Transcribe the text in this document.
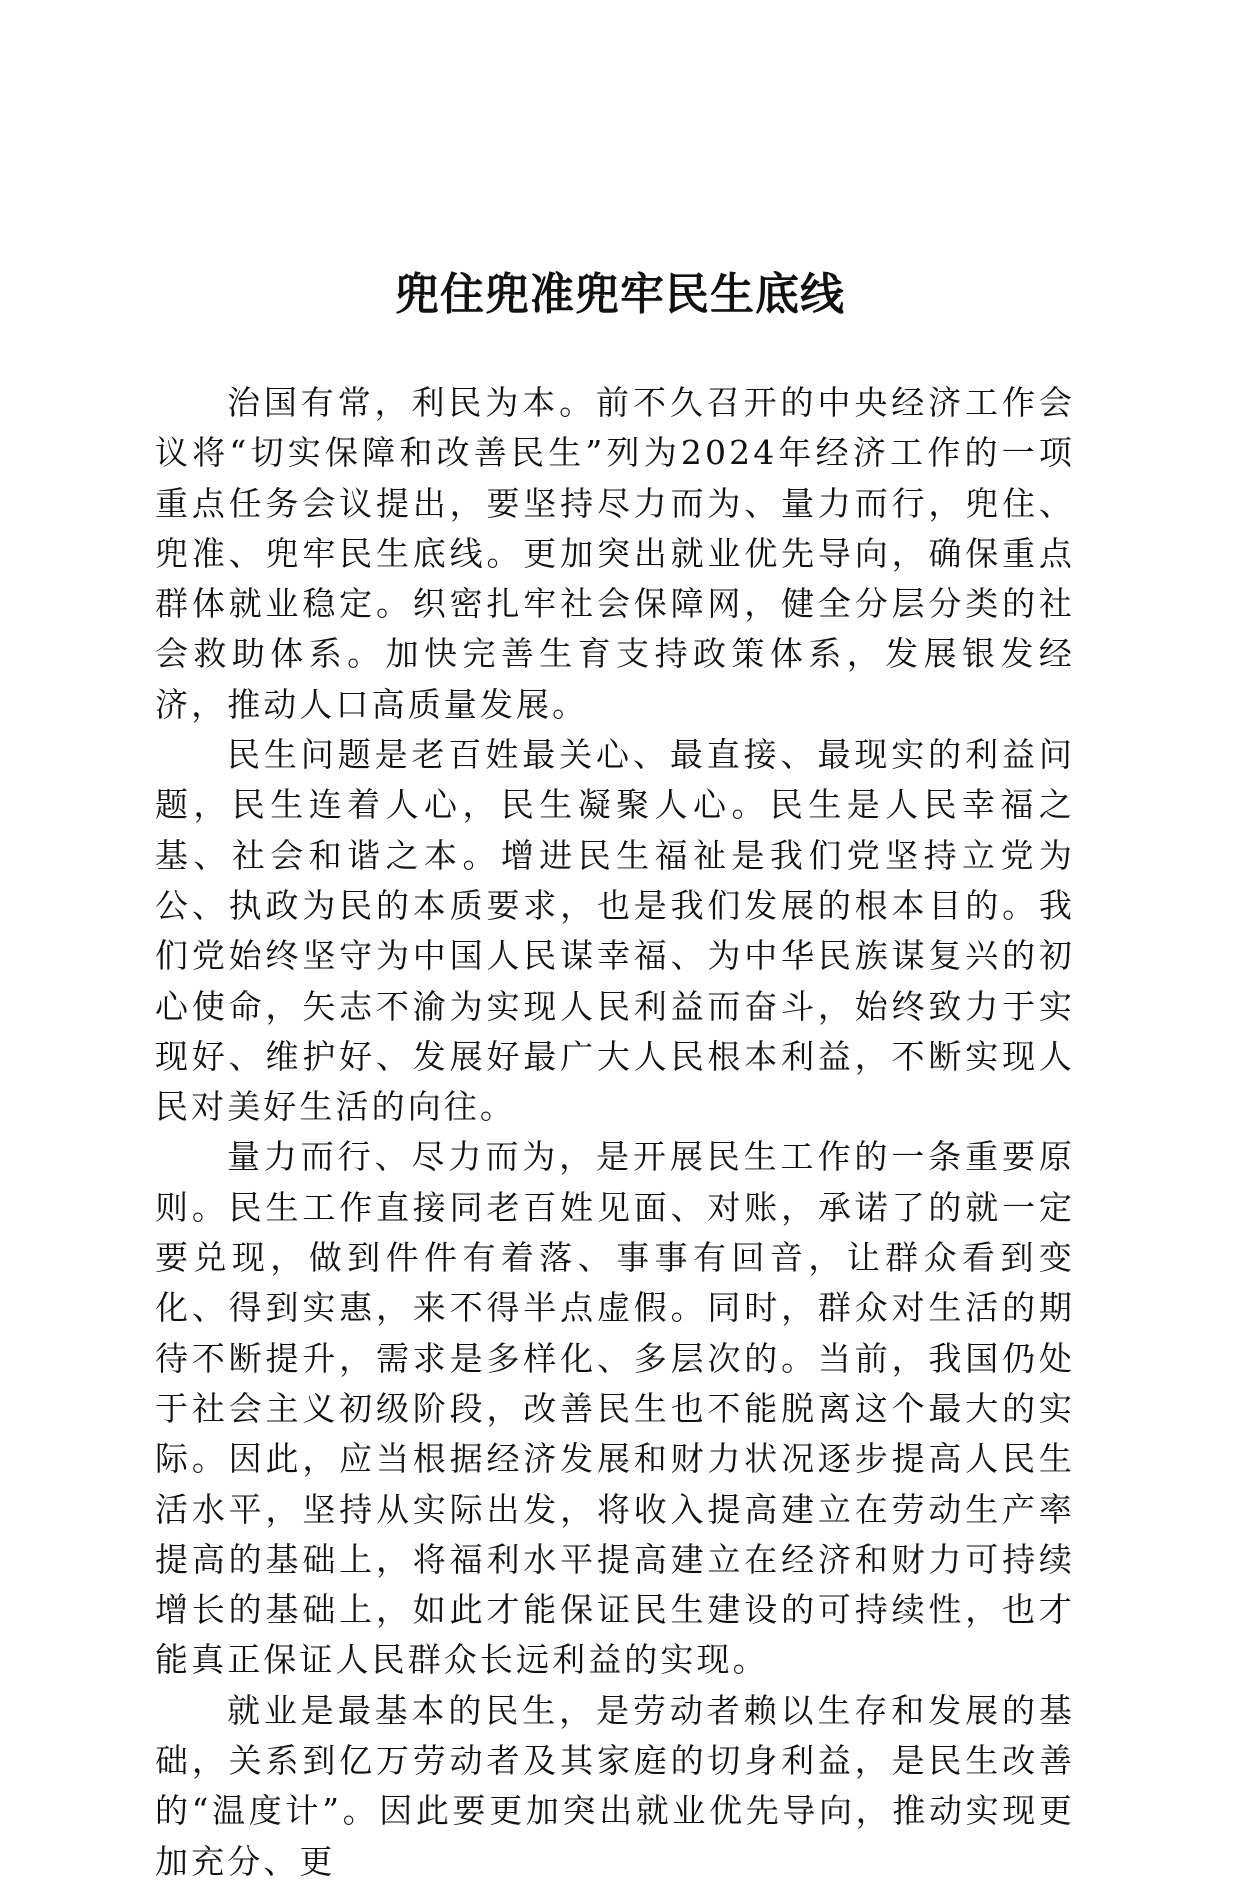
兜住兜准兜牢民生底线

治国有常，利民为本。前不久召开的中央经济工作会议将“切实保障和改善民生”列为2024年经济工作的一项重点任务会议提出，要坚持尽力而为、量力而行，兜住、兜准、兜牢民生底线。更加突出就业优先导向，确保重点群体就业稳定。织密扎牢社会保障网，健全分层分类的社会救助体系。加快完善生育支持政策体系，发展银发经济，推动人口高质量发展。

民生问题是老百姓最关心、最直接、最现实的利益问题，民生连着人心，民生凝聚人心。民生是人民幸福之基、社会和谐之本。增进民生福祉是我们党坚持立党为公、执政为民的本质要求，也是我们发展的根本目的。我们党始终坚守为中国人民谋幸福、为中华民族谋复兴的初心使命，矢志不渝为实现人民利益而奋斗，始终致力于实现好、维护好、发展好最广大人民根本利益，不断实现人民对美好生活的向往。

量力而行、尽力而为，是开展民生工作的一条重要原则。民生工作直接同老百姓见面、对账，承诺了的就一定要兑现，做到件件有着落、事事有回音，让群众看到变化、得到实惠，来不得半点虚假。同时，群众对生活的期待不断提升，需求是多样化、多层次的。当前，我国仍处于社会主义初级阶段，改善民生也不能脱离这个最大的实际。因此，应当根据经济发展和财力状况逐步提高人民生活水平，坚持从实际出发，将收入提高建立在劳动生产率提高的基础上，将福利水平提高建立在经济和财力可持续增长的基础上，如此才能保证民生建设的可持续性，也才能真正保证人民群众长远利益的实现。

就业是最基本的民生，是劳动者赖以生存和发展的基础，关系到亿万劳动者及其家庭的切身利益，是民生改善的“温度计”。因此要更加突出就业优先导向，推动实现更加充分、更
